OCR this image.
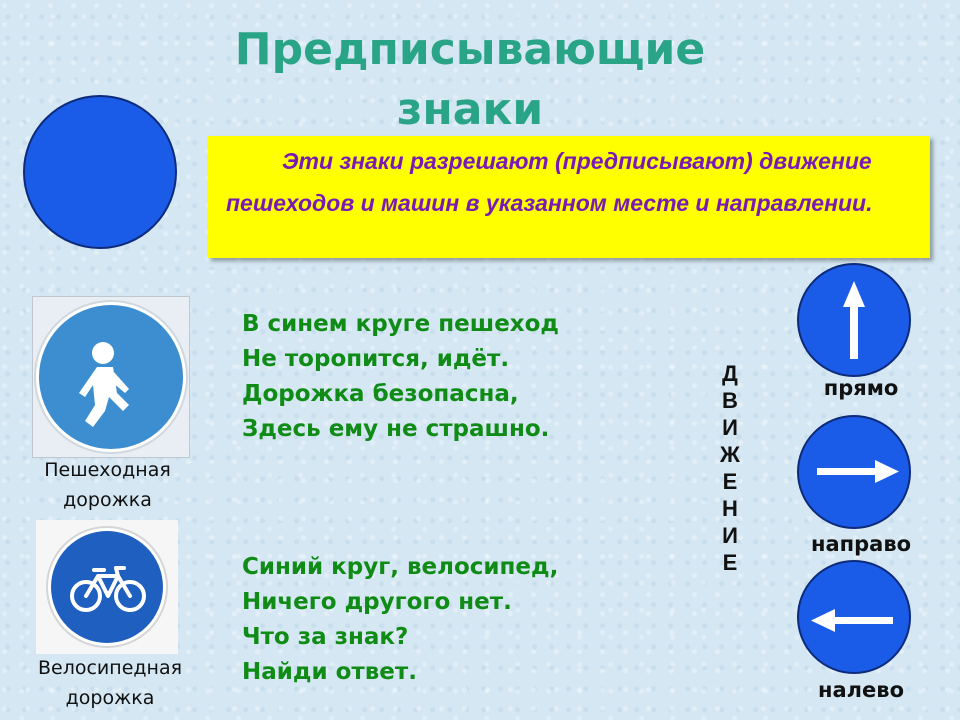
Предписывающие
знаки
Эти знаки разрешают (предписывают) движение пешеходов и машин в указанном месте и направлении.
Пешеходная дорожка
Велосипедная дорожка
В синем круге пешеход
Не торопится, идёт.
Дорожка безопасна,
Здесь ему не страшно.
Синий круг, велосипед,
Ничего другого нет.
Что за знак?
Найди ответ.
Д
В
И
Ж
Е
Н
И
Е
прямо
направо
налево
